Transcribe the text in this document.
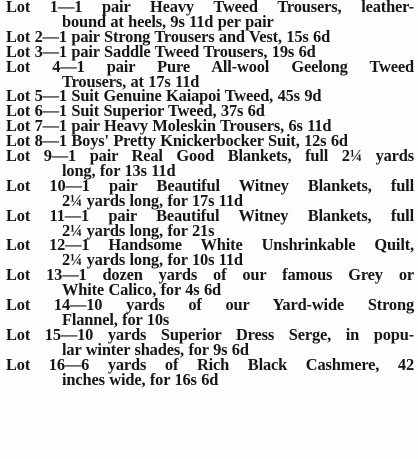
Lot 1—1 pair Heavy Tweed Trousers, leather-
bound at heels, 9s 11d per pair
Lot 2—1 pair Strong Trousers and Vest, 15s 6d
Lot 3—1 pair Saddle Tweed Trousers, 19s 6d
Lot 4—1 pair Pure All-wool Geelong Tweed
Trousers, at 17s 11d
Lot 5—1 Suit Genuine Kaiapoi Tweed, 45s 9d
Lot 6—1 Suit Superior Tweed, 37s 6d
Lot 7—1 pair Heavy Moleskin Trousers, 6s 11d
Lot 8—1 Boys' Pretty Knickerbocker Suit, 12s 6d
Lot 9—1 pair Real Good Blankets, full 2¼ yards
long, for 13s 11d
Lot 10—1 pair Beautiful Witney Blankets, full
2¼ yards long, for 17s 11d
Lot 11—1 pair Beautiful Witney Blankets, full
2¼ yards long, for 21s
Lot 12—1 Handsome White Unshrinkable Quilt,
2¼ yards long, for 10s 11d
Lot 13—1 dozen yards of our famous Grey or
White Calico, for 4s 6d
Lot 14—10 yards of our Yard-wide Strong
Flannel, for 10s
Lot 15—10 yards Superior Dress Serge, in popu-
lar winter shades, for 9s 6d
Lot 16—6 yards of Rich Black Cashmere, 42
inches wide, for 16s 6d
